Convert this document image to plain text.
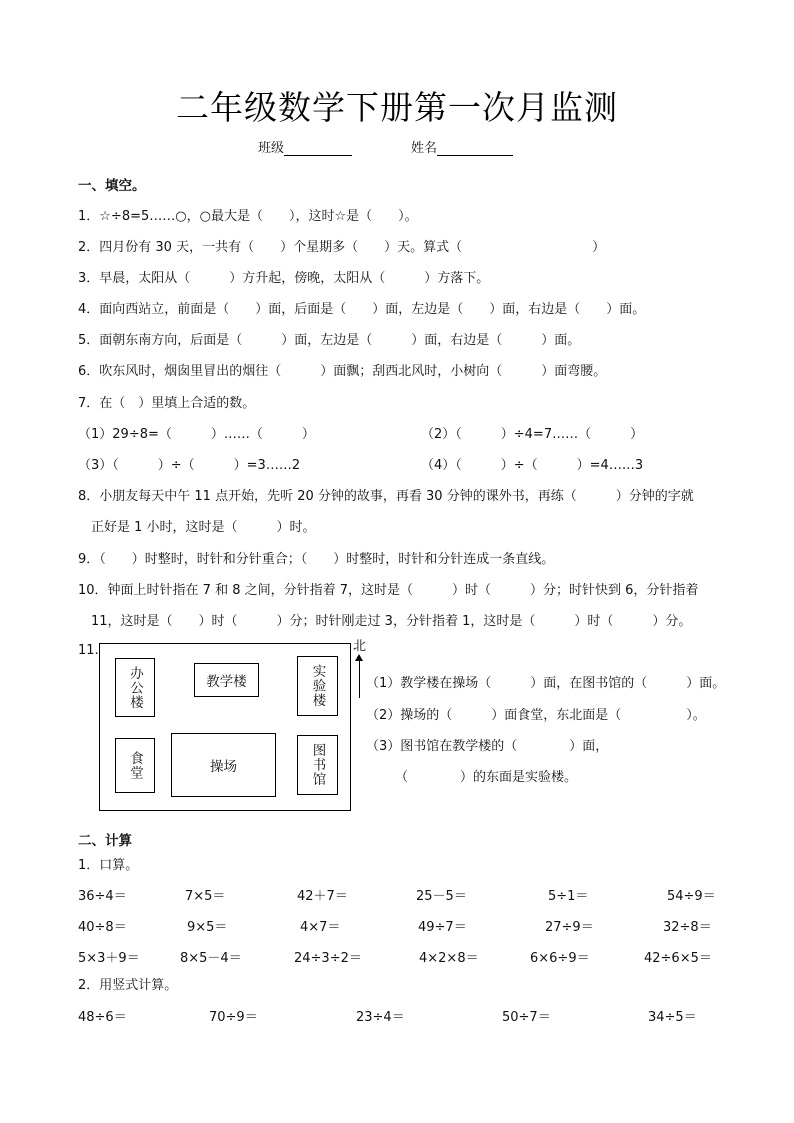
二年级数学下册第一次月监测
班级	姓名
一、填空。
1．☆÷8=5……○，○最大是（　　），这时☆是（　　）。
2．四月份有 30 天，一共有（　　）个星期多（　　）天。算式（　　　　　　　　　　）
3．早晨，太阳从（　　　）方升起，傍晚，太阳从（　　　）方落下。
4．面向西站立，前面是（　　）面，后面是（　　）面，左边是（　　）面，右边是（　　）面。
5．面朝东南方向，后面是（　　　）面，左边是（　　　）面，右边是（　　　）面。
6．吹东风时，烟囱里冒出的烟往（　　　）面飘；刮西北风时，小树向（　　　）面弯腰。
7．在（　）里填上合适的数。
（1）29÷8=（　　　）……（　　　）	（2）（　　　）÷4=7……（　　　）
（3）（　　　）÷（　　　）=3……2	（4）（　　　）÷（　　　）=4……3
8．小朋友每天中午 11 点开始，先听 20 分钟的故事，再看 30 分钟的课外书，再练（　　　）分钟的字就
　正好是 1 小时，这时是（　　　）时。
9．（　　）时整时，时针和分针重合；（　　）时整时，时针和分针连成一条直线。
10．钟面上时针指在 7 和 8 之间，分针指着 7，这时是（　　　）时（　　　）分；时针快到 6，分针指着
　11，这时是（　　）时（　　　）分；时针刚走过 3，分针指着 1，这时是（　　　）时（　　　）分。
11.
办公楼	教学楼	实验楼
食堂	操场	图书馆
北
（1）教学楼在操场（　　　）面，在图书馆的（　　　）面。
（2）操场的（　　　）面食堂，东北面是（　　　　　）。
（3）图书馆在教学楼的（　　　　）面，
（　　　　）的东面是实验楼。
二、计算
1．口算。
36÷4＝	7×5＝	42＋7＝	25－5＝	5÷1＝	54÷9＝
40÷8＝	9×5＝	4×7＝	49÷7＝	27÷9＝	32÷8＝
5×3＋9＝	8×5－4＝	24÷3÷2＝	4×2×8＝	6×6÷9＝	42÷6×5＝
2．用竖式计算。
48÷6＝	70÷9＝	23÷4＝	50÷7＝	34÷5＝
